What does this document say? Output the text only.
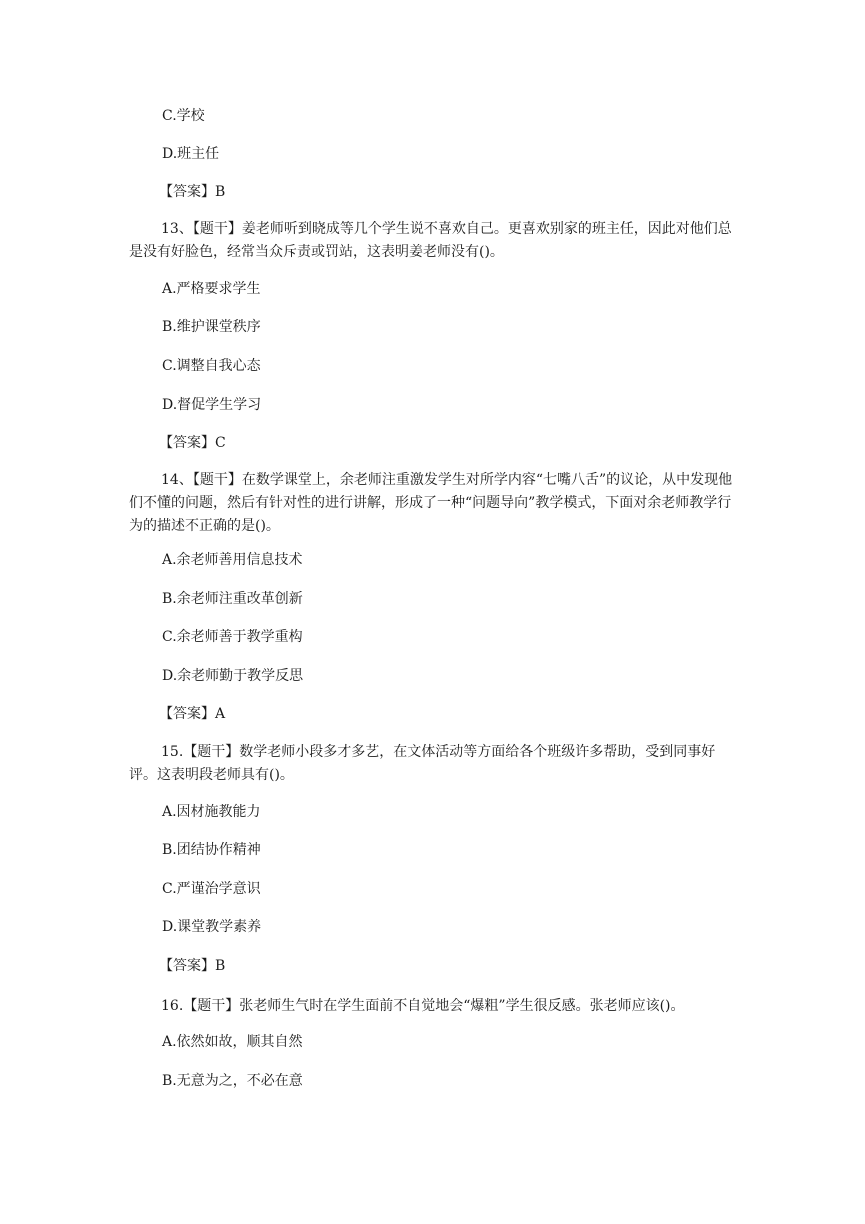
C.学校
D.班主任
【答案】B
13、【题干】姜老师听到晓成等几个学生说不喜欢自己。更喜欢别家的班主任，因此对他们总是没有好脸色，经常当众斥责或罚站，这表明姜老师没有()。
A.严格要求学生
B.维护课堂秩序
C.调整自我心态
D.督促学生学习
【答案】C
14、【题干】在数学课堂上，余老师注重激发学生对所学内容“七嘴八舌”的议论，从中发现他们不懂的问题，然后有针对性的进行讲解，形成了一种“问题导向”教学模式，下面对余老师教学行为的描述不正确的是()。
A.余老师善用信息技术
B.余老师注重改革创新
C.余老师善于教学重构
D.余老师勤于教学反思
【答案】A
15.【题干】数学老师小段多才多艺，在文体活动等方面给各个班级许多帮助，受到同事好评。这表明段老师具有()。
A.因材施教能力
B.团结协作精神
C.严谨治学意识
D.课堂教学素养
【答案】B
16.【题干】张老师生气时在学生面前不自觉地会“爆粗”学生很反感。张老师应该()。
A.依然如故，顺其自然
B.无意为之，不必在意
